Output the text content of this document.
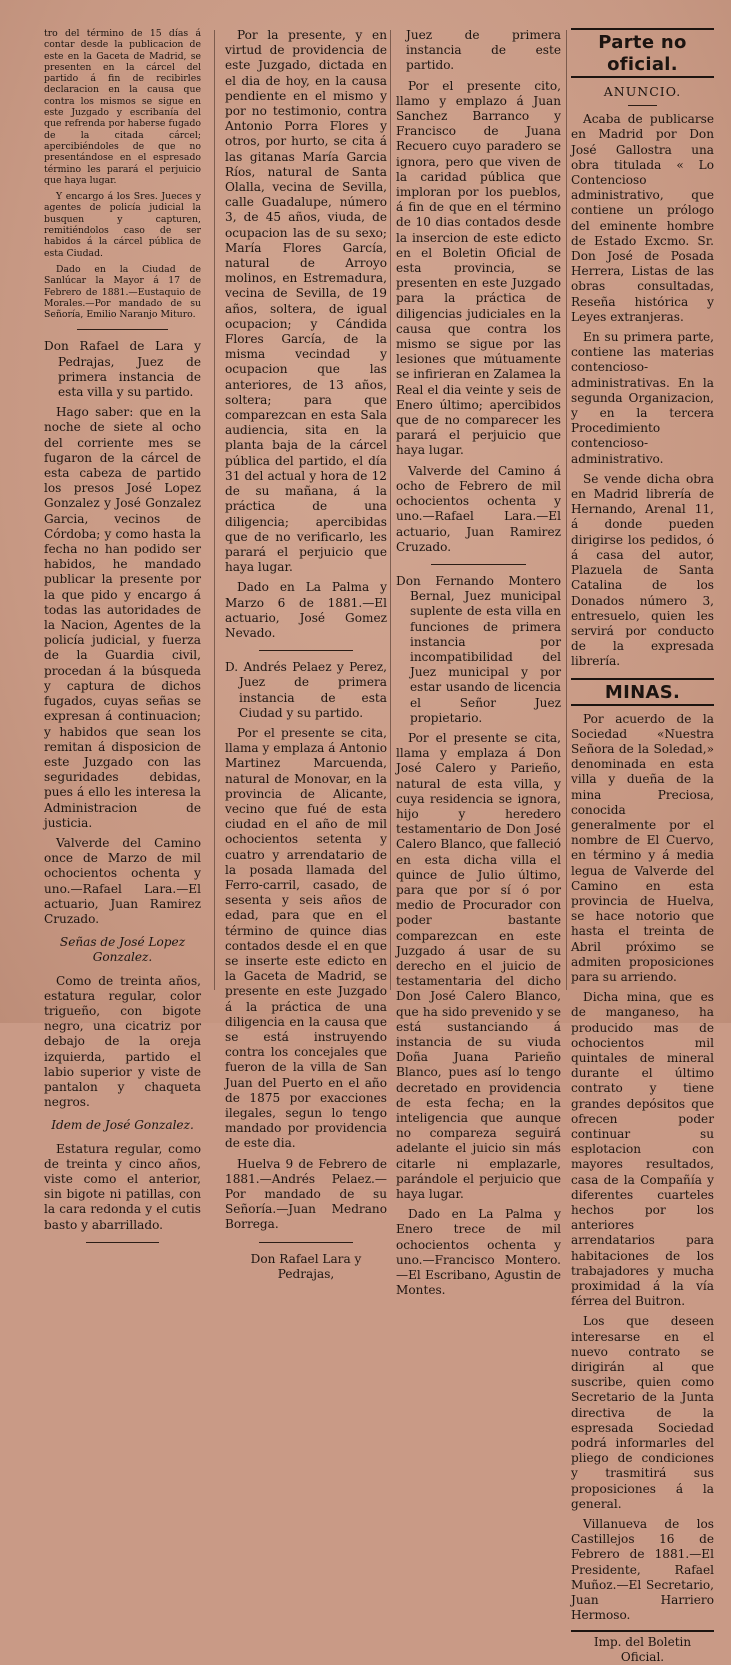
tro del término de 15 días á contar desde la publicacion de este en la Gaceta de Madrid, se presenten en la cárcel del partido á fin de recibirles declaracion en la causa que contra los mismos se sigue en este Juzgado y escribanía del que refrenda por haberse fugado de la citada cárcel; apercibiéndoles de que no presentándose en el espresado término les parará el perjuicio que haya lugar.

Y encargo á los Sres. Jueces y agentes de policía judicial la busquen y capturen, remitiéndolos caso de ser habidos á la cárcel pública de esta Ciudad.

Dado en la Ciudad de Sanlúcar la Mayor á 17 de Febrero de 1881.—Eustaquio de Morales.—Por mandado de su Señoría, Emilio Naranjo Mituro.

Don Rafael de Lara y Pedrajas, Juez de primera instancia de esta villa y su partido.

Hago saber: que en la noche de siete al ocho del corriente mes se fugaron de la cárcel de esta cabeza de partido los presos José Lopez Gonzalez y José Gonzalez Garcia, vecinos de Córdoba; y como hasta la fecha no han podido ser habidos, he mandado publicar la presente por la que pido y encargo á todas las autoridades de la Nacion, Agentes de la policía judicial, y fuerza de la Guardia civil, procedan á la búsqueda y captura de dichos fugados, cuyas señas se expresan á continuacion; y habidos que sean los remitan á disposicion de este Juzgado con las seguridades debidas, pues á ello les interesa la Administracion de justicia.

Valverde del Camino once de Marzo de mil ochocientos ochenta y uno.—Rafael Lara.—El actuario, Juan Ramirez Cruzado.

Señas de José Lopez Gonzalez.

Como de treinta años, estatura regular, color trigueño, con bigote negro, una cicatriz por debajo de la oreja izquierda, partido el labio superior y viste de pantalon y chaqueta negros.

Idem de José Gonzalez.

Estatura regular, como de treinta y cinco años, viste como el anterior, sin bigote ni patillas, con la cara redonda y el cutis basto y abarrillado.

Por la presente, y en virtud de providencia de este Juzgado, dictada en el dia de hoy, en la causa pendiente en el mismo y por no testimonio, contra Antonio Porra Flores y otros, por hurto, se cita á las gitanas María Garcia Ríos, natural de Santa Olalla, vecina de Sevilla, calle Guadalupe, número 3, de 45 años, viuda, de ocupacion las de su sexo; María Flores García, natural de Arroyo molinos, en Estremadura, vecina de Sevilla, de 19 años, soltera, de igual ocupacion; y Cándida Flores García, de la misma vecindad y ocupacion que las anteriores, de 13 años, soltera; para que comparezcan en esta Sala audiencia, sita en la planta baja de la cárcel pública del partido, el día 31 del actual y hora de 12 de su mañana, á la práctica de una diligencia; apercibidas que de no verificarlo, les parará el perjuicio que haya lugar.

Dado en La Palma y Marzo 6 de 1881.—El actuario, José Gomez Nevado.

D. Andrés Pelaez y Perez, Juez de primera instancia de esta Ciudad y su partido.

Por el presente se cita, llama y emplaza á Antonio Martinez Marcuenda, natural de Monovar, en la provincia de Alicante, vecino que fué de esta ciudad en el año de mil ochocientos setenta y cuatro y arrendatario de la posada llamada del Ferro-carril, casado, de sesenta y seis años de edad, para que en el término de quince dias contados desde el en que se inserte este edicto en la Gaceta de Madrid, se presente en este Juzgado á la práctica de una diligencia en la causa que se está instruyendo contra los concejales que fueron de la villa de San Juan del Puerto en el año de 1875 por exacciones ilegales, segun lo tengo mandado por providencia de este dia.

Huelva 9 de Febrero de 1881.—Andrés Pelaez.—Por mandado de su Señoría.—Juan Medrano Borrega.

Don Rafael Lara y Pedrajas,

Juez de primera instancia de este partido.

Por el presente cito, llamo y emplazo á Juan Sanchez Barranco y Francisco de Juana Recuero cuyo paradero se ignora, pero que viven de la caridad pública que imploran por los pueblos, á fin de que en el término de 10 dias contados desde la insercion de este edicto en el Boletin Oficial de esta provincia, se presenten en este Juzgado para la práctica de diligencias judiciales en la causa que contra los mismo se sigue por las lesiones que mútuamente se infirieran en Zalamea la Real el dia veinte y seis de Enero último; apercibidos que de no comparecer les parará el perjuicio que haya lugar.

Valverde del Camino á ocho de Febrero de mil ochocientos ochenta y uno.—Rafael Lara.—El actuario, Juan Ramirez Cruzado.

Don Fernando Montero Bernal, Juez municipal suplente de esta villa en funciones de primera instancia por incompatibilidad del Juez municipal y por estar usando de licencia el Señor Juez propietario.

Por el presente se cita, llama y emplaza á Don José Calero y Parieño, natural de esta villa, y cuya residencia se ignora, hijo y heredero testamentario de Don José Calero Blanco, que falleció en esta dicha villa el quince de Julio último, para que por sí ó por medio de Procurador con poder bastante comparezcan en este Juzgado á usar de su derecho en el juicio de testamentaria del dicho Don José Calero Blanco, que ha sido prevenido y se está sustanciando á instancia de su viuda Doña Juana Parieño Blanco, pues así lo tengo decretado en providencia de esta fecha; en la inteligencia que aunque no compareza seguirá adelante el juicio sin más citarle ni emplazarle, parándole el perjuicio que haya lugar.

Dado en La Palma y Enero trece de mil ochocientos ochenta y uno.—Francisco Montero.—El Escribano, Agustin de Montes.

Parte no oficial.
ANUNCIO.

Acaba de publicarse en Madrid por Don José Gallostra una obra titulada « Lo Contencioso administrativo, que contiene un prólogo del eminente hombre de Estado Excmo. Sr. Don José de Posada Herrera, Listas de las obras consultadas, Reseña histórica y Leyes extranjeras.

En su primera parte, contiene las materias contencioso-administrativas. En la segunda Organizacion, y en la tercera Procedimiento contencioso-administrativo.

Se vende dicha obra en Madrid librería de Hernando, Arenal 11, á donde pueden dirigirse los pedidos, ó á casa del autor, Plazuela de Santa Catalina de los Donados número 3, entresuelo, quien les servirá por conducto de la expresada librería.

MINAS.

Por acuerdo de la Sociedad «Nuestra Señora de la Soledad,» denominada en esta villa y dueña de la mina Preciosa, conocida generalmente por el nombre de El Cuervo, en término y á media legua de Valverde del Camino en esta provincia de Huelva, se hace notorio que hasta el treinta de Abril próximo se admiten proposiciones para su arriendo.

Dicha mina, que es de manganeso, ha producido mas de ochocientos mil quintales de mineral durante el último contrato y tiene grandes depósitos que ofrecen poder continuar su esplotacion con mayores resultados, casa de la Compañía y diferentes cuarteles hechos por los anteriores arrendatarios para habitaciones de los trabajadores y mucha proximidad á la vía férrea del Buitron.

Los que deseen interesarse en el nuevo contrato se dirigirán al que suscribe, quien como Secretario de la Junta directiva de la espresada Sociedad podrá informarles del pliego de condiciones y trasmitirá sus proposiciones á la general.

Villanueva de los Castillejos 16 de Febrero de 1881.—El Presidente, Rafael Muñoz.—El Secretario, Juan Harriero Hermoso.

Imp. del Boletin Oficial.
